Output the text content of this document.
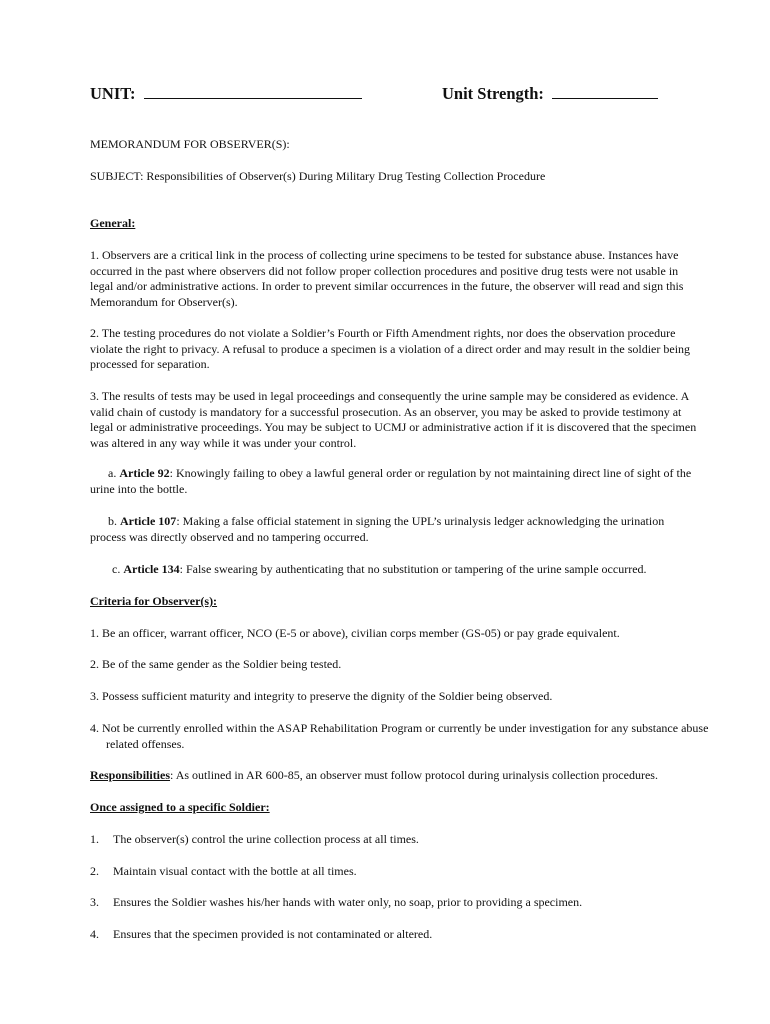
UNIT:	Unit Strength:

MEMORANDUM FOR OBSERVER(S):

SUBJECT: Responsibilities of Observer(s) During Military Drug Testing Collection Procedure

General:

1. Observers are a critical link in the process of collecting urine specimens to be tested for substance abuse. Instances have occurred in the past where observers did not follow proper collection procedures and positive drug tests were not usable in legal and/or administrative actions. In order to prevent similar occurrences in the future, the observer will read and sign this Memorandum for Observer(s).

2. The testing procedures do not violate a Soldier’s Fourth or Fifth Amendment rights, nor does the observation procedure violate the right to privacy. A refusal to produce a specimen is a violation of a direct order and may result in the soldier being processed for separation.

3. The results of tests may be used in legal proceedings and consequently the urine sample may be considered as evidence. A valid chain of custody is mandatory for a successful prosecution. As an observer, you may be asked to provide testimony at legal or administrative proceedings. You may be subject to UCMJ or administrative action if it is discovered that the specimen was altered in any way while it was under your control.

a. Article 92: Knowingly failing to obey a lawful general order or regulation by not maintaining direct line of sight of the urine into the bottle.

b. Article 107: Making a false official statement in signing the UPL’s urinalysis ledger acknowledging the urination process was directly observed and no tampering occurred.

c. Article 134: False swearing by authenticating that no substitution or tampering of the urine sample occurred.

Criteria for Observer(s):

1. Be an officer, warrant officer, NCO (E-5 or above), civilian corps member (GS-05) or pay grade equivalent.

2. Be of the same gender as the Soldier being tested.

3. Possess sufficient maturity and integrity to preserve the dignity of the Soldier being observed.

4. Not be currently enrolled within the ASAP Rehabilitation Program or currently be under investigation for any substance abuse related offenses.

Responsibilities: As outlined in AR 600-85, an observer must follow protocol during urinalysis collection procedures.

Once assigned to a specific Soldier:

1. The observer(s) control the urine collection process at all times.

2. Maintain visual contact with the bottle at all times.

3. Ensures the Soldier washes his/her hands with water only, no soap, prior to providing a specimen.

4. Ensures that the specimen provided is not contaminated or altered.
